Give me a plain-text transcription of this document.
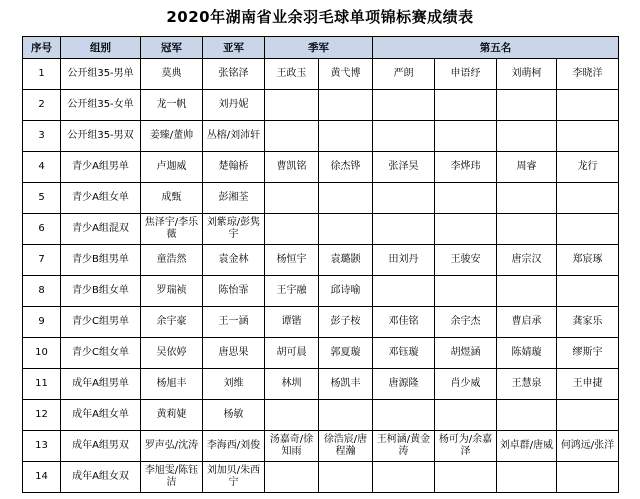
2020年湖南省业余羽毛球单项锦标赛成绩表
序号	组别	冠军	亚军	季军		第五名			
1	公开组35-男单	莫典	张铭泽	王政玉	黄弋博	严朗	申语纾	刘萌柯	李晓洋
2	公开组35-女单	龙一帆	刘丹妮						
3	公开组35-男双	姜臻/董帅	丛榕/刘沛轩						
4	青少A组男单	卢迦威	楚翰桥	曹凯铭	徐杰铧	张泽昊	李烨玮	周睿	龙行
5	青少A组女单	成甄	彭湘荃						
6	青少A组混双	焦泽宇/李乐薇	刘紫琼/彭隽宇						
7	青少B组男单	童浩然	袁金林	杨恒宇	袁璐颢	田刘丹	王骏安	唐宗汉	郑宸琢
8	青少B组女单	罗瑞祯	陈怡霏	王宇融	邱诗喻				
9	青少C组男单	余宇豪	王一涵	谭锴	彭子桉	邓佳铭	余宇杰	曹启承	龚家乐
10	青少C组女单	吴依婷	唐思果	胡可晨	郭夏璇	邓钰璇	胡煜涵	陈婧璇	缪斯宇
11	成年A组男单	杨旭丰	刘维	林圳	杨凯丰	唐源隆	肖少威	王慧泉	王申捷
12	成年A组女单	黄莉婕	杨敏						
13	成年A组男双	罗声弘/沈涛	李海西/刘俊	汤嘉奇/徐知雨	徐浩宸/唐程瀚	王柯涵/黄金涛	杨可为/余嘉泽	刘卓群/唐威	何鸿远/张洋
14	成年A组女双	李旭雯/陈钰洁	刘加贝/朱西宁						
